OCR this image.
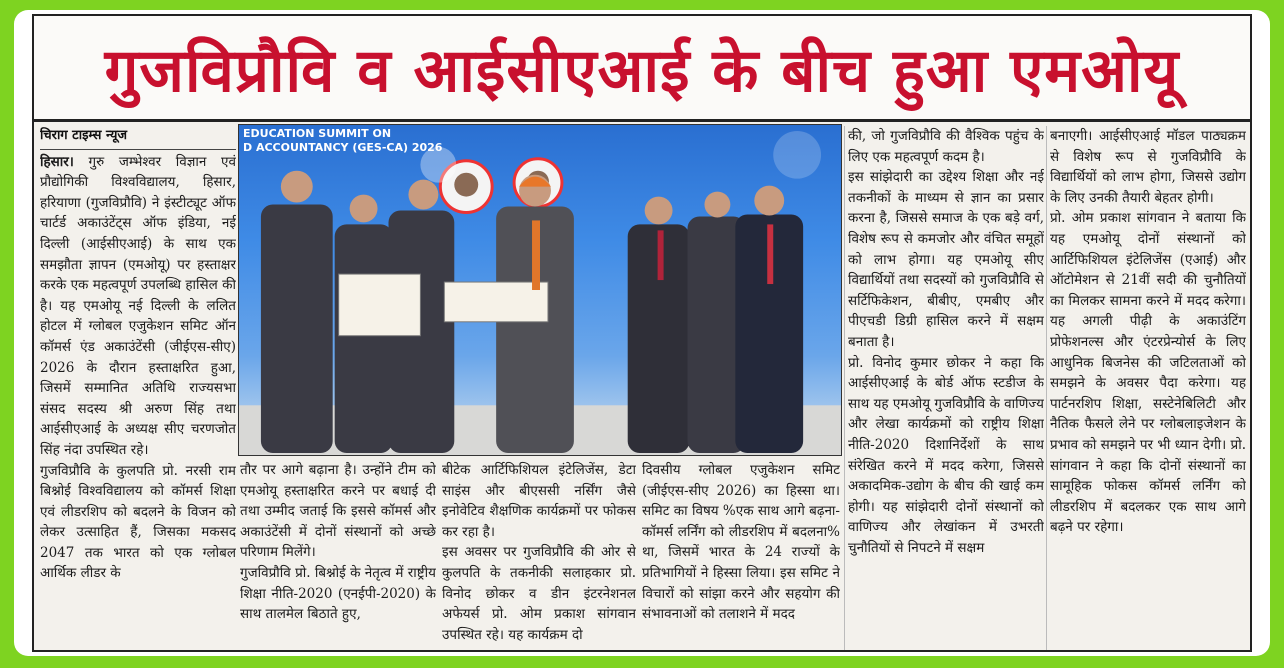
गुजविप्रौवि व आईसीएआई के बीच हुआ एमओयू
चिराग टाइम्स न्यूज

हिसार। गुरु जम्भेश्वर विज्ञान एवं प्रौद्योगिकी विश्वविद्यालय, हिसार, हरियाणा (गुजविप्रौवि) ने इंस्टीट्यूट ऑफ चार्टर्ड अकाउंटेंट्स ऑफ इंडिया, नई दिल्ली (आईसीएआई) के साथ एक समझौता ज्ञापन (एमओयू) पर हस्ताक्षर करके एक महत्वपूर्ण उपलब्धि हासिल की है। यह एमओयू नई दिल्ली के ललित होटल में ग्लोबल एजुकेशन समिट ऑन कॉमर्स एंड अकाउंटेंसी (जीईएस-सीए) 2026 के दौरान हस्ताक्षरित हुआ, जिसमें सम्मानित अतिथि राज्यसभा संसद सदस्य श्री अरुण सिंह तथा आईसीएआई के अध्यक्ष सीए चरणजोत सिंह नंदा उपस्थित रहे।

गुजविप्रौवि के कुलपति प्रो. नरसी राम बिश्नोई विश्वविद्यालय को कॉमर्स शिक्षा एवं लीडरशिप को बदलने के विजन को लेकर उत्साहित हैं, जिसका मकसद 2047 तक भारत को एक ग्लोबल आर्थिक लीडर के

EDUCATION SUMMIT ON
D ACCOUNTANCY (GES-CA) 2026

तौर पर आगे बढ़ाना है। उन्होंने टीम को एमओयू हस्ताक्षरित करने पर बधाई दी तथा उम्मीद जताई कि इससे कॉमर्स और अकाउंटेंसी में दोनों संस्थानों को अच्छे परिणाम मिलेंगे।

गुजविप्रौवि प्रो. बिश्नोई के नेतृत्व में राष्ट्रीय शिक्षा नीति-2020 (एनईपी-2020) के साथ तालमेल बिठाते हुए,

बीटेक आर्टिफिशियल इंटेलिजेंस, डेटा साइंस और बीएससी नर्सिंग जैसे इनोवेटिव शैक्षणिक कार्यक्रमों पर फोकस कर रहा है।

इस अवसर पर गुजविप्रौवि की ओर से कुलपति के तकनीकी सलाहकार प्रो. विनोद छोकर व डीन इंटरनेशनल अफेयर्स प्रो. ओम प्रकाश सांगवान उपस्थित रहे। यह कार्यक्रम दो

दिवसीय ग्लोबल एजुकेशन समिट (जीईएस-सीए 2026) का हिस्सा था। समिट का विषय %एक साथ आगे बढ़ना-कॉमर्स लर्निंग को लीडरशिप में बदलना% था, जिसमें भारत के 24 राज्यों के प्रतिभागियों ने हिस्सा लिया। इस समिट ने विचारों को सांझा करने और सहयोग की संभावनाओं को तलाशने में मदद

की, जो गुजविप्रौवि की वैश्विक पहुंच के लिए एक महत्वपूर्ण कदम है।

इस सांझेदारी का उद्देश्य शिक्षा और नई तकनीकों के माध्यम से ज्ञान का प्रसार करना है, जिससे समाज के एक बड़े वर्ग, विशेष रूप से कमजोर और वंचित समूहों को लाभ होगा। यह एमओयू सीए विद्यार्थियों तथा सदस्यों को गुजविप्रौवि से सर्टिफिकेशन, बीबीए, एमबीए और पीएचडी डिग्री हासिल करने में सक्षम बनाता है।

प्रो. विनोद कुमार छोकर ने कहा कि आईसीएआई के बोर्ड ऑफ स्टडीज के साथ यह एमओयू गुजविप्रौवि के वाणिज्य और लेखा कार्यक्रमों को राष्ट्रीय शिक्षा नीति-2020 दिशानिर्देशों के साथ संरेखित करने में मदद करेगा, जिससे अकादमिक-उद्योग के बीच की खाई कम होगी। यह सांझेदारी दोनों संस्थानों को वाणिज्य और लेखांकन में उभरती चुनौतियों से निपटने में सक्षम

बनाएगी। आईसीएआई मॉडल पाठ्यक्रम से विशेष रूप से गुजविप्रौवि के विद्यार्थियों को लाभ होगा, जिससे उद्योग के लिए उनकी तैयारी बेहतर होगी।

प्रो. ओम प्रकाश सांगवान ने बताया कि यह एमओयू दोनों संस्थानों को आर्टिफिशियल इंटेलिजेंस (एआई) और ऑटोमेशन से 21वीं सदी की चुनौतियों का मिलकर सामना करने में मदद करेगा। यह अगली पीढ़ी के अकाउंटिंग प्रोफेशनल्स और एंटरप्रेन्योर्स के लिए आधुनिक बिजनेस की जटिलताओं को समझने के अवसर पैदा करेगा। यह पार्टनरशिप शिक्षा, सस्टेनेबिलिटी और नैतिक फैसले लेने पर ग्लोबलाइजेशन के प्रभाव को समझने पर भी ध्यान देगी। प्रो. सांगवान ने कहा कि दोनों संस्थानों का सामूहिक फोकस कॉमर्स लर्निंग को लीडरशिप में बदलकर एक साथ आगे बढ़ने पर रहेगा।
